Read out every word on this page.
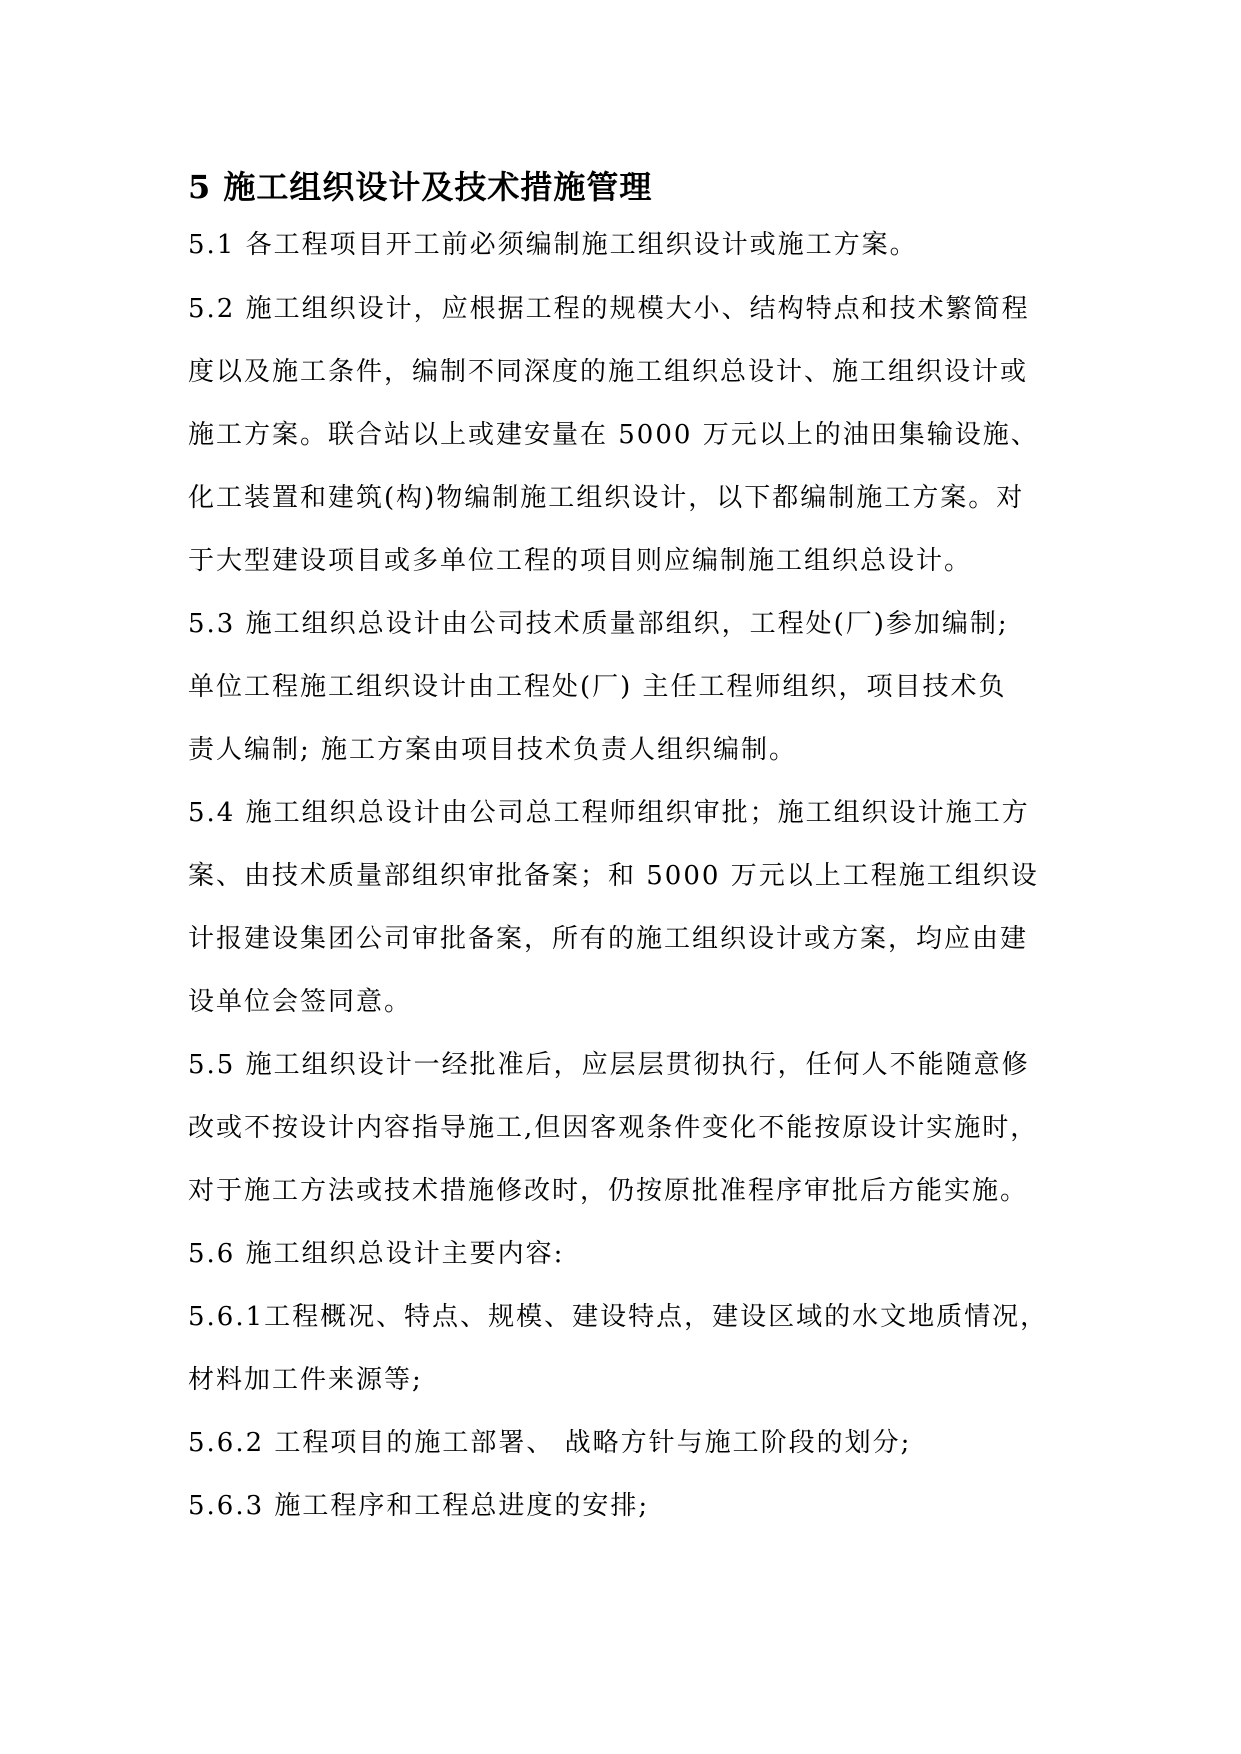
5 施工组织设计及技术措施管理
5.1 各工程项目开工前必须编制施工组织设计或施工方案。
5.2 施工组织设计，应根据工程的规模大小、结构特点和技术繁简程
度以及施工条件，编制不同深度的施工组织总设计、施工组织设计或
施工方案。联合站以上或建安量在 5000 万元以上的油田集输设施、
化工装置和建筑(构)物编制施工组织设计，以下都编制施工方案。对
于大型建设项目或多单位工程的项目则应编制施工组织总设计。
5.3 施工组织总设计由公司技术质量部组织，工程处(厂)参加编制;
单位工程施工组织设计由工程处(厂) 主任工程师组织，项目技术负
责人编制; 施工方案由项目技术负责人组织编制。
5.4 施工组织总设计由公司总工程师组织审批；施工组织设计施工方
案、由技术质量部组织审批备案；和 5000 万元以上工程施工组织设
计报建设集团公司审批备案，所有的施工组织设计或方案，均应由建
设单位会签同意。
5.5 施工组织设计一经批准后，应层层贯彻执行，任何人不能随意修
改或不按设计内容指导施工,但因客观条件变化不能按原设计实施时，
对于施工方法或技术措施修改时，仍按原批准程序审批后方能实施。
5.6 施工组织总设计主要内容:
5.6.1工程概况、特点、规模、建设特点，建设区域的水文地质情况，
材料加工件来源等;
5.6.2 工程项目的施工部署、 战略方针与施工阶段的划分;
5.6.3 施工程序和工程总进度的安排;
